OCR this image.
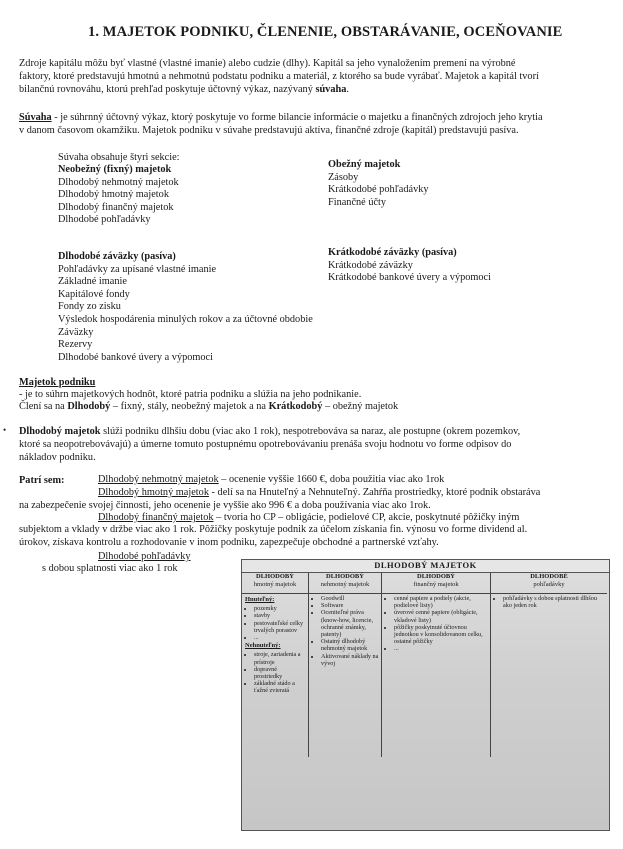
1. MAJETOK PODNIKU, ČLENENIE, OBSTARÁVANIE, OCEŇOVANIE
Zdroje kapitálu môžu byť vlastné (vlastné imanie) alebo cudzie (dlhy). Kapitál sa jeho vynaložením premení na výrobné
faktory, ktoré predstavujú hmotnú a nehmotnú podstatu podniku a materiál, z ktorého sa bude vyrábať. Majetok a kapitál tvorí
bilančnú rovnováhu, ktorú prehľad poskytuje účtovný výkaz, nazývaný súvaha.
Súvaha - je súhrnný účtovný výkaz, ktorý poskytuje vo forme bilancie informácie o majetku a finančných zdrojoch jeho krytia
v danom časovom okamžiku. Majetok podniku v súvahe predstavujú aktíva, finančné zdroje (kapitál) predstavujú pasíva.
Súvaha obsahuje štyri sekcie:
Neobežný (fixný) majetok
Dlhodobý nehmotný majetok
Dlhodobý hmotný majetok
Dlhodobý finančný majetok
Dlhodobé pohľadávky
Obežný majetok
Zásoby
Krátkodobé pohľadávky
Finančné účty
Dlhodobé záväzky (pasíva)
Pohľadávky za upísané vlastné imanie
Základné imanie
Kapitálové fondy
Fondy zo zisku
Výsledok hospodárenia minulých rokov a za účtovné obdobie
Záväzky
Rezervy
Dlhodobé bankové úvery a výpomoci
Krátkodobé záväzky (pasíva)
Krátkodobé záväzky
Krátkodobé bankové úvery a výpomoci
Majetok podniku
- je to súhrn majetkových hodnôt, ktoré patria podniku a slúžia na jeho podnikanie.
Člení sa na Dlhodobý – fixný, stály, neobežný majetok a na Krátkodobý – obežný majetok
• Dlhodobý majetok slúži podniku dlhšiu dobu (viac ako 1 rok), nespotrebováva sa naraz, ale postupne (okrem pozemkov,
ktoré sa neopotrebovávajú) a úmerne tomuto postupnému opotrebovávaniu prenáša svoju hodnotu vo forme odpisov do
nákladov podniku.
Patrí sem:	Dlhodobý nehmotný majetok – ocenenie vyššie 1660 €, doba použitia viac ako 1rok
Dlhodobý hmotný majetok - delí sa na Hnuteľný a Nehnuteľný. Zahŕňa prostriedky, ktoré podnik obstaráva
na zabezpečenie svojej činnosti, jeho ocenenie je vyššie ako 996 € a doba používania viac ako 1rok.
Dlhodobý finančný majetok – tvoria ho CP – obligácie, podielové CP, akcie, poskytnuté pôžičky iným
subjektom a vklady v držbe viac ako 1 rok. Pôžičky poskytuje podnik za účelom získania fin. výnosu vo forme dividend al.
úrokov, získava kontrolu a rozhodovanie v inom podniku, zapezpečuje obchodné a partnerské vzťahy.
Dlhodobé pohľadávky
s dobou splatnosti viac ako 1 rok	DLHODOBÝ MAJETOK
DLHODOBÝ
hmotný majetok
Hnuteľný:
• pozemky
• stavby
• pestovateľské celky trvalých porastov
• ...
Nehnuteľný:
• stroje, zariadenia a prístroje
• dopravné prostriedky
• základné stádo a ťažné zvieratá
DLHODOBÝ
nehmotný majetok
• Goodwill
• Software
• Oceniteľné práva (know-how, licencie, ochranné známky, patenty)
• Ostatný dlhodobý nehmotný majetok
• Aktivované náklady na vývoj
DLHODOBÝ
finančný majetok
• cenné papiere a podiely (akcie, podielové listy)
• úverové cenné papiere (obligácie, vkladové listy)
• pôžičky poskytnuté účtovnou jednotkou v konsolidovanom celku, ostatné pôžičky
• ...
DLHODOBÉ
pohľadávky
• pohľadávky s dobou splatnosti dlhšou ako jeden rok
